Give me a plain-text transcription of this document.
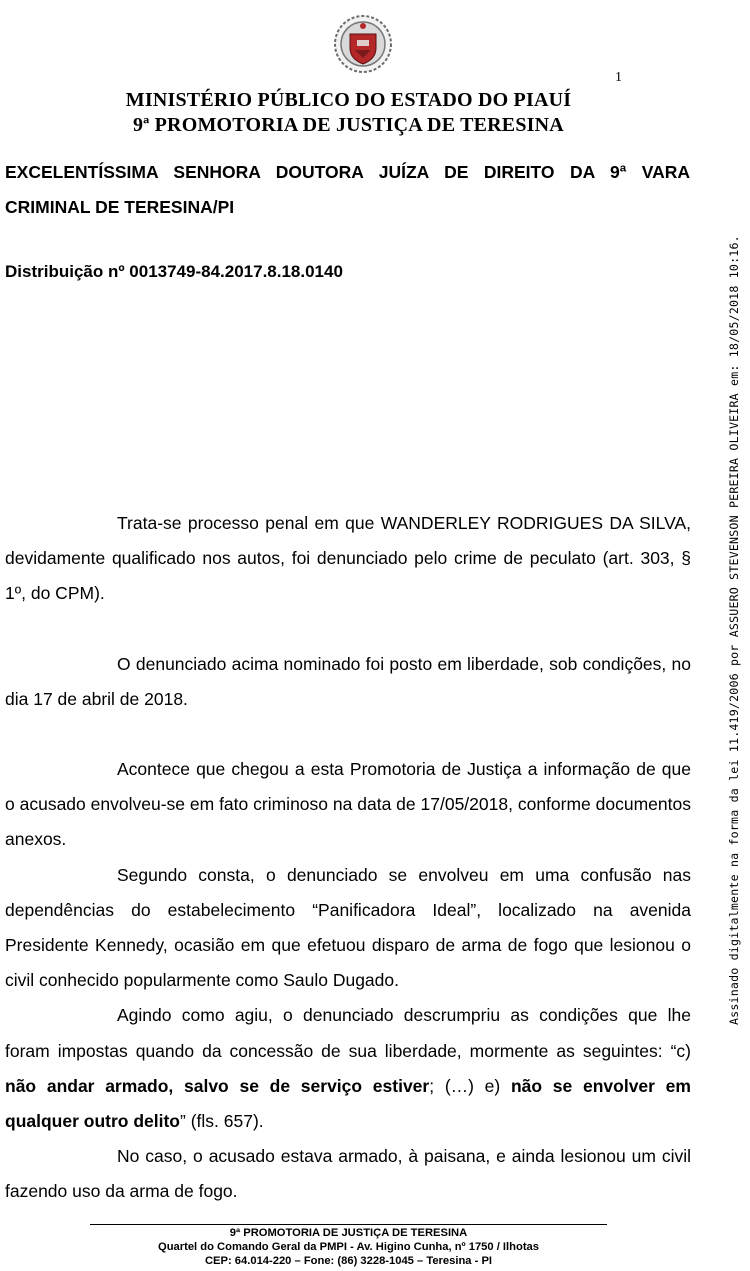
1
MINISTÉRIO PÚBLICO DO ESTADO DO PIAUÍ
9ª PROMOTORIA DE JUSTIÇA DE TERESINA
EXCELENTÍSSIMA SENHORA DOUTORA JUÍZA DE DIREITO DA 9ª VARA CRIMINAL DE TERESINA/PI
Distribuição nº 0013749-84.2017.8.18.0140

Trata-se processo penal em que WANDERLEY RODRIGUES DA SILVA, devidamente qualificado nos autos, foi denunciado pelo crime de peculato (art. 303, § 1º, do CPM).

O denunciado acima nominado foi posto em liberdade, sob condições, no dia 17 de abril de 2018.

Acontece que chegou a esta Promotoria de Justiça a informação de que o acusado envolveu-se em fato criminoso na data de 17/05/2018, conforme documentos anexos.

Segundo consta, o denunciado se envolveu em uma confusão nas dependências do estabelecimento “Panificadora Ideal”, localizado na avenida Presidente Kennedy, ocasião em que efetuou disparo de arma de fogo que lesionou o civil conhecido popularmente como Saulo Dugado.

Agindo como agiu, o denunciado descrumpriu as condições que lhe foram impostas quando da concessão de sua liberdade, mormente as seguintes: “c) não andar armado, salvo se de serviço estiver; (…) e) não se envolver em qualquer outro delito” (fls. 657).

No caso, o acusado estava armado, à paisana, e ainda lesionou um civil fazendo uso da arma de fogo.

9ª PROMOTORIA DE JUSTIÇA DE TERESINA
Quartel do Comando Geral da PMPI - Av. Higino Cunha, nº 1750 / Ilhotas
CEP: 64.014-220 – Fone: (86) 3228-1045 – Teresina - PI
Assinado digitalmente na forma da lei 11.419/2006 por ASSUERO STEVENSON PEREIRA OLIVEIRA em: 18/05/2018 10:16.
